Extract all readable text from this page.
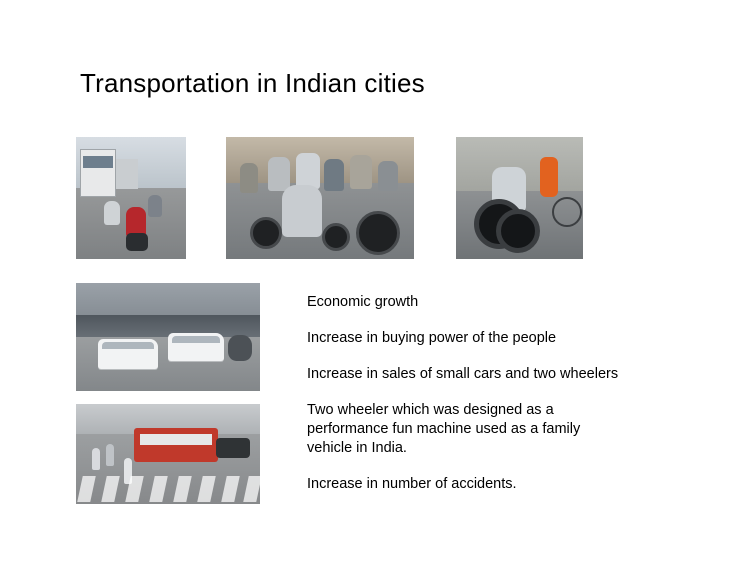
Transportation in Indian cities
Economic growth
Increase in buying power of the people
Increase in sales of small cars and two wheelers
Two wheeler which was designed as a performance fun machine used as a family vehicle in India.
Increase in number of accidents.
